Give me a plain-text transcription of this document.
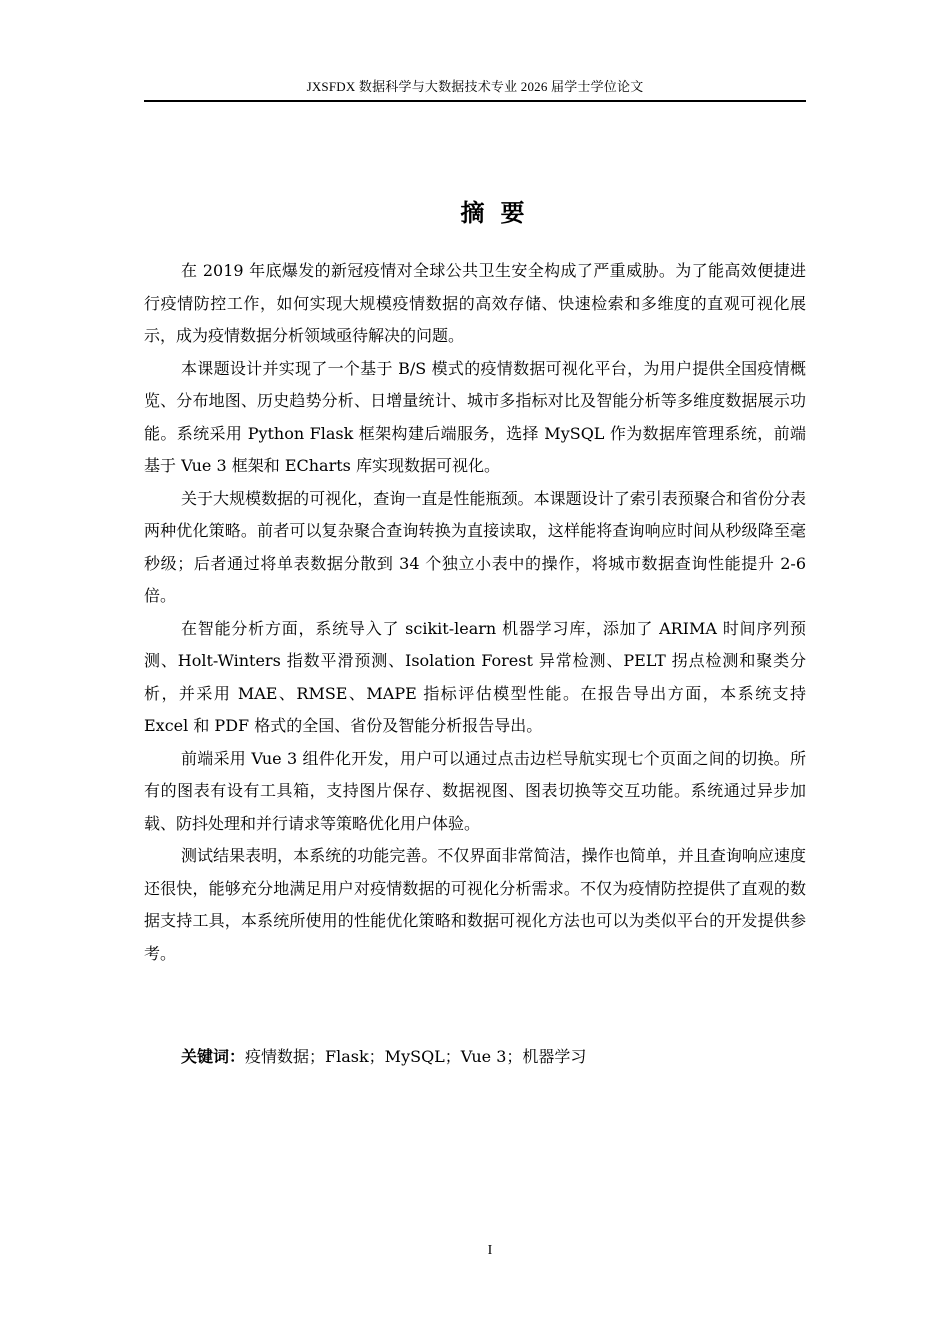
JXSFDX 数据科学与大数据技术专业 2026 届学士学位论文
摘要

在 2019 年底爆发的新冠疫情对全球公共卫生安全构成了严重威胁。为了能高效便捷进行疫情防控工作，如何实现大规模疫情数据的高效存储、快速检索和多维度的直观可视化展示，成为疫情数据分析领域亟待解决的问题。

本课题设计并实现了一个基于 B/S 模式的疫情数据可视化平台，为用户提供全国疫情概览、分布地图、历史趋势分析、日增量统计、城市多指标对比及智能分析等多维度数据展示功能。系统采用 Python Flask 框架构建后端服务，选择 MySQL 作为数据库管理系统，前端基于 Vue 3 框架和 ECharts 库实现数据可视化。

关于大规模数据的可视化，查询一直是性能瓶颈。本课题设计了索引表预聚合和省份分表两种优化策略。前者可以复杂聚合查询转换为直接读取，这样能将查询响应时间从秒级降至毫秒级；后者通过将单表数据分散到 34 个独立小表中的操作，将城市数据查询性能提升 2-6 倍。

在智能分析方面，系统导入了 scikit-learn 机器学习库，添加了 ARIMA 时间序列预测、Holt-Winters 指数平滑预测、Isolation Forest 异常检测、PELT 拐点检测和聚类分析，并采用 MAE、RMSE、MAPE 指标评估模型性能。在报告导出方面，本系统支持 Excel 和 PDF 格式的全国、省份及智能分析报告导出。

前端采用 Vue 3 组件化开发，用户可以通过点击边栏导航实现七个页面之间的切换。所有的图表有设有工具箱，支持图片保存、数据视图、图表切换等交互功能。系统通过异步加载、防抖处理和并行请求等策略优化用户体验。

测试结果表明，本系统的功能完善。不仅界面非常简洁，操作也简单，并且查询响应速度还很快，能够充分地满足用户对疫情数据的可视化分析需求。不仅为疫情防控提供了直观的数据支持工具，本系统所使用的性能优化策略和数据可视化方法也可以为类似平台的开发提供参考。

关键词：疫情数据；Flask；MySQL；Vue 3；机器学习
I
